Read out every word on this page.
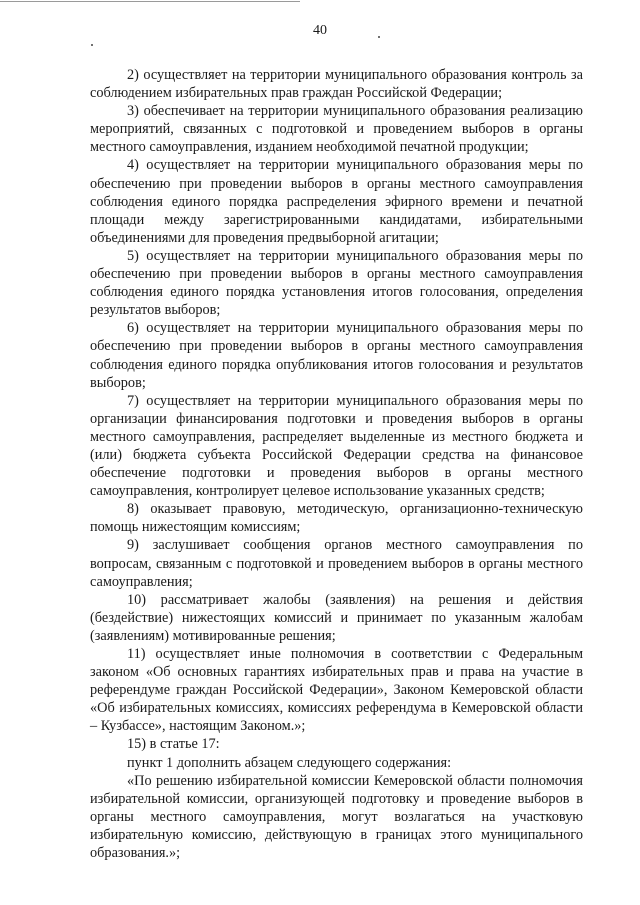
40

2) осуществляет на территории муниципального образования контроль за соблюдением избирательных прав граждан Российской Федерации;

3) обеспечивает на территории муниципального образования реализацию мероприятий, связанных с подготовкой и проведением выборов в органы местного самоуправления, изданием необходимой печатной продукции;

4) осуществляет на территории муниципального образования меры по обеспечению при проведении выборов в органы местного самоуправления соблюдения единого порядка распределения эфирного времени и печатной площади между зарегистрированными кандидатами, избирательными объединениями для проведения предвыборной агитации;

5) осуществляет на территории муниципального образования меры по обеспечению при проведении выборов в органы местного самоуправления соблюдения единого порядка установления итогов голосования, определения результатов выборов;

6) осуществляет на территории муниципального образования меры по обеспечению при проведении выборов в органы местного самоуправления соблюдения единого порядка опубликования итогов голосования и результатов выборов;

7) осуществляет на территории муниципального образования меры по организации финансирования подготовки и проведения выборов в органы местного самоуправления, распределяет выделенные из местного бюджета и (или) бюджета субъекта Российской Федерации средства на финансовое обеспечение подготовки и проведения выборов в органы местного самоуправления, контролирует целевое использование указанных средств;

8) оказывает правовую, методическую, организационно-техническую помощь нижестоящим комиссиям;

9) заслушивает сообщения органов местного самоуправления по вопросам, связанным с подготовкой и проведением выборов в органы местного самоуправления;

10) рассматривает жалобы (заявления) на решения и действия (бездействие) нижестоящих комиссий и принимает по указанным жалобам (заявлениям) мотивированные решения;

11) осуществляет иные полномочия в соответствии с Федеральным законом «Об основных гарантиях избирательных прав и права на участие в референдуме граждан Российской Федерации», Законом Кемеровской области «Об избирательных комиссиях, комиссиях референдума в Кемеровской области – Кузбассе», настоящим Законом.»;

15) в статье 17:

пункт 1 дополнить абзацем следующего содержания:

«По решению избирательной комиссии Кемеровской области полномочия избирательной комиссии, организующей подготовку и проведение выборов в органы местного самоуправления, могут возлагаться на участковую избирательную комиссию, действующую в границах этого муниципального образования.»;
